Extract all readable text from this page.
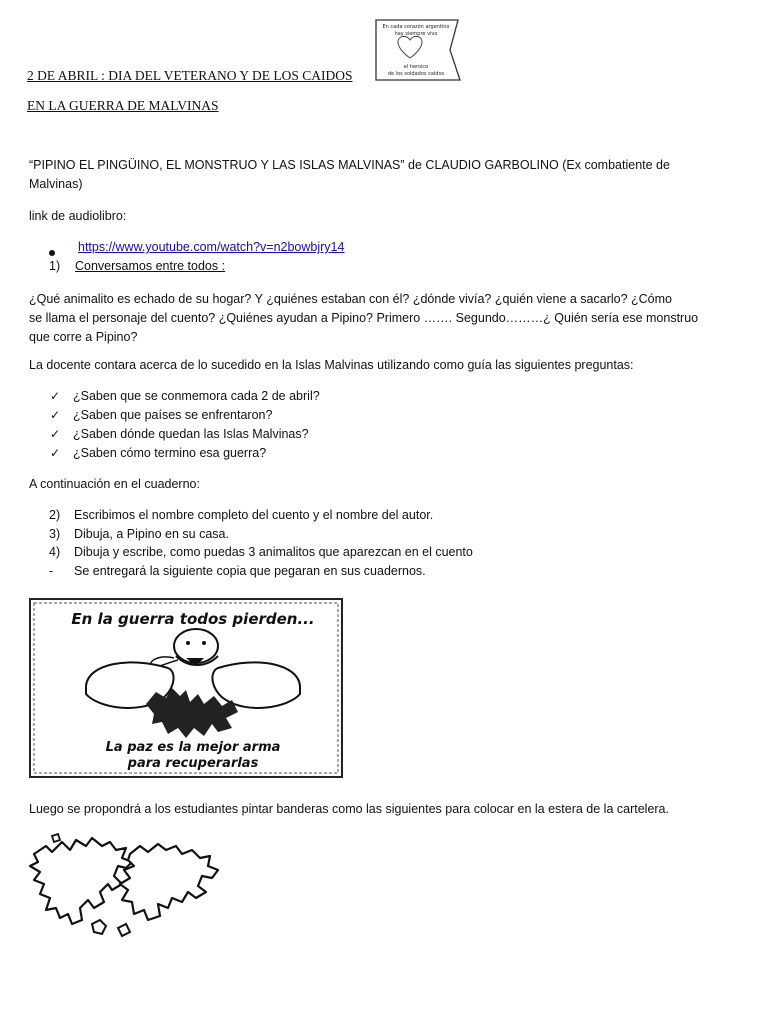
2 DE ABRIL : DIA DEL VETERANO Y DE LOS CAIDOS
EN LA GUERRA DE MALVINAS
En cada corazón argentino
hay siempre vivo
el heroico
de los soldados caídos
“PIPINO EL PINGÜINO, EL MONSTRUO Y LAS ISLAS MALVINAS” de CLAUDIO GARBOLINO (Ex combatiente de
Malvinas)
link de audiolibro:
https://www.youtube.com/watch?v=n2bowbjry14
1) Conversamos entre todos :
¿Qué animalito es echado de su hogar? Y ¿quiénes estaban con él? ¿dónde vivía? ¿quién viene a sacarlo? ¿Cómo
se llama el personaje del cuento? ¿Quiénes ayudan a Pipino? Primero ……. Segundo………¿ Quién sería ese monstruo
que corre a Pipino?
La docente contara acerca de lo sucedido en la Islas Malvinas utilizando como guía las siguientes preguntas:
✓ ¿Saben que se conmemora cada 2 de abril?
✓ ¿Saben que países se enfrentaron?
✓ ¿Saben dónde quedan las Islas Malvinas?
✓ ¿Saben cómo termino esa guerra?
A continuación en el cuaderno:
2) Escribimos el nombre completo del cuento y el nombre del autor.
3) Dibuja, a Pipino en su casa.
4) Dibuja y escribe, como puedas 3 animalitos que aparezcan en el cuento
- Se entregará la siguiente copia que pegaran en sus cuadernos.
En la guerra todos pierden...
La paz es la mejor arma
para recuperarlas
Luego se propondrá a los estudiantes pintar banderas como las siguientes para colocar en la estera de la cartelera.
